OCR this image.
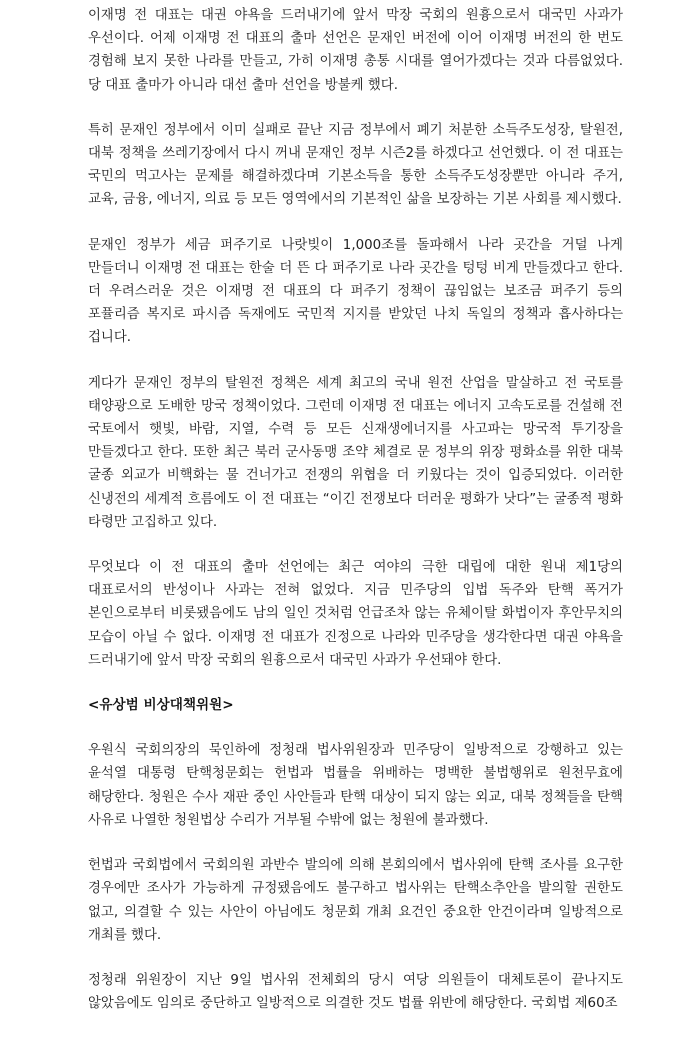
이재명 전 대표는 대권 야욕을 드러내기에 앞서 막장 국회의 원흉으로서 대국민 사과가 우선이다. 어제 이재명 전 대표의 출마 선언은 문재인 버전에 이어 이재명 버전의 한 번도 경험해 보지 못한 나라를 만들고, 가히 이재명 총통 시대를 열어가겠다는 것과 다름없었다. 당 대표 출마가 아니라 대선 출마 선언을 방불케 했다.

특히 문재인 정부에서 이미 실패로 끝난 지금 정부에서 폐기 처분한 소득주도성장, 탈원전, 대북 정책을 쓰레기장에서 다시 꺼내 문재인 정부 시즌2를 하겠다고 선언했다. 이 전 대표는 국민의 먹고사는 문제를 해결하겠다며 기본소득을 통한 소득주도성장뿐만 아니라 주거, 교육, 금융, 에너지, 의료 등 모든 영역에서의 기본적인 삶을 보장하는 기본 사회를 제시했다.

문재인 정부가 세금 퍼주기로 나랏빚이 1,000조를 돌파해서 나라 곳간을 거덜 나게 만들더니 이재명 전 대표는 한술 더 뜬 다 퍼주기로 나라 곳간을 텅텅 비게 만들겠다고 한다. 더 우려스러운 것은 이재명 전 대표의 다 퍼주기 정책이 끊임없는 보조금 퍼주기 등의 포퓰리즘 복지로 파시즘 독재에도 국민적 지지를 받았던 나치 독일의 정책과 흡사하다는 겁니다.

게다가 문재인 정부의 탈원전 정책은 세계 최고의 국내 원전 산업을 말살하고 전 국토를 태양광으로 도배한 망국 정책이었다. 그런데 이재명 전 대표는 에너지 고속도로를 건설해 전 국토에서 햇빛, 바람, 지열, 수력 등 모든 신재생에너지를 사고파는 망국적 투기장을 만들겠다고 한다. 또한 최근 북러 군사동맹 조약 체결로 문 정부의 위장 평화쇼를 위한 대북 굴종 외교가 비핵화는 물 건너가고 전쟁의 위협을 더 키웠다는 것이 입증되었다. 이러한 신냉전의 세계적 흐름에도 이 전 대표는 “이긴 전쟁보다 더러운 평화가 낫다”는 굴종적 평화 타령만 고집하고 있다.

무엇보다 이 전 대표의 출마 선언에는 최근 여야의 극한 대립에 대한 원내 제1당의 대표로서의 반성이나 사과는 전혀 없었다. 지금 민주당의 입법 독주와 탄핵 폭거가 본인으로부터 비롯됐음에도 남의 일인 것처럼 언급조차 않는 유체이탈 화법이자 후안무치의 모습이 아닐 수 없다. 이재명 전 대표가 진정으로 나라와 민주당을 생각한다면 대권 야욕을 드러내기에 앞서 막장 국회의 원흉으로서 대국민 사과가 우선돼야 한다.

<유상범 비상대책위원>

우원식 국회의장의 묵인하에 정청래 법사위원장과 민주당이 일방적으로 강행하고 있는 윤석열 대통령 탄핵청문회는 헌법과 법률을 위배하는 명백한 불법행위로 원천무효에 해당한다. 청원은 수사 재판 중인 사안들과 탄핵 대상이 되지 않는 외교, 대북 정책들을 탄핵 사유로 나열한 청원법상 수리가 거부될 수밖에 없는 청원에 불과했다.

헌법과 국회법에서 국회의원 과반수 발의에 의해 본회의에서 법사위에 탄핵 조사를 요구한 경우에만 조사가 가능하게 규정됐음에도 불구하고 법사위는 탄핵소추안을 발의할 권한도 없고, 의결할 수 있는 사안이 아님에도 청문회 개최 요건인 중요한 안건이라며 일방적으로 개최를 했다.

정청래 위원장이 지난 9일 법사위 전체회의 당시 여당 의원들이 대체토론이 끝나지도 않았음에도 임의로 중단하고 일방적으로 의결한 것도 법률 위반에 해당한다. 국회법 제60조
